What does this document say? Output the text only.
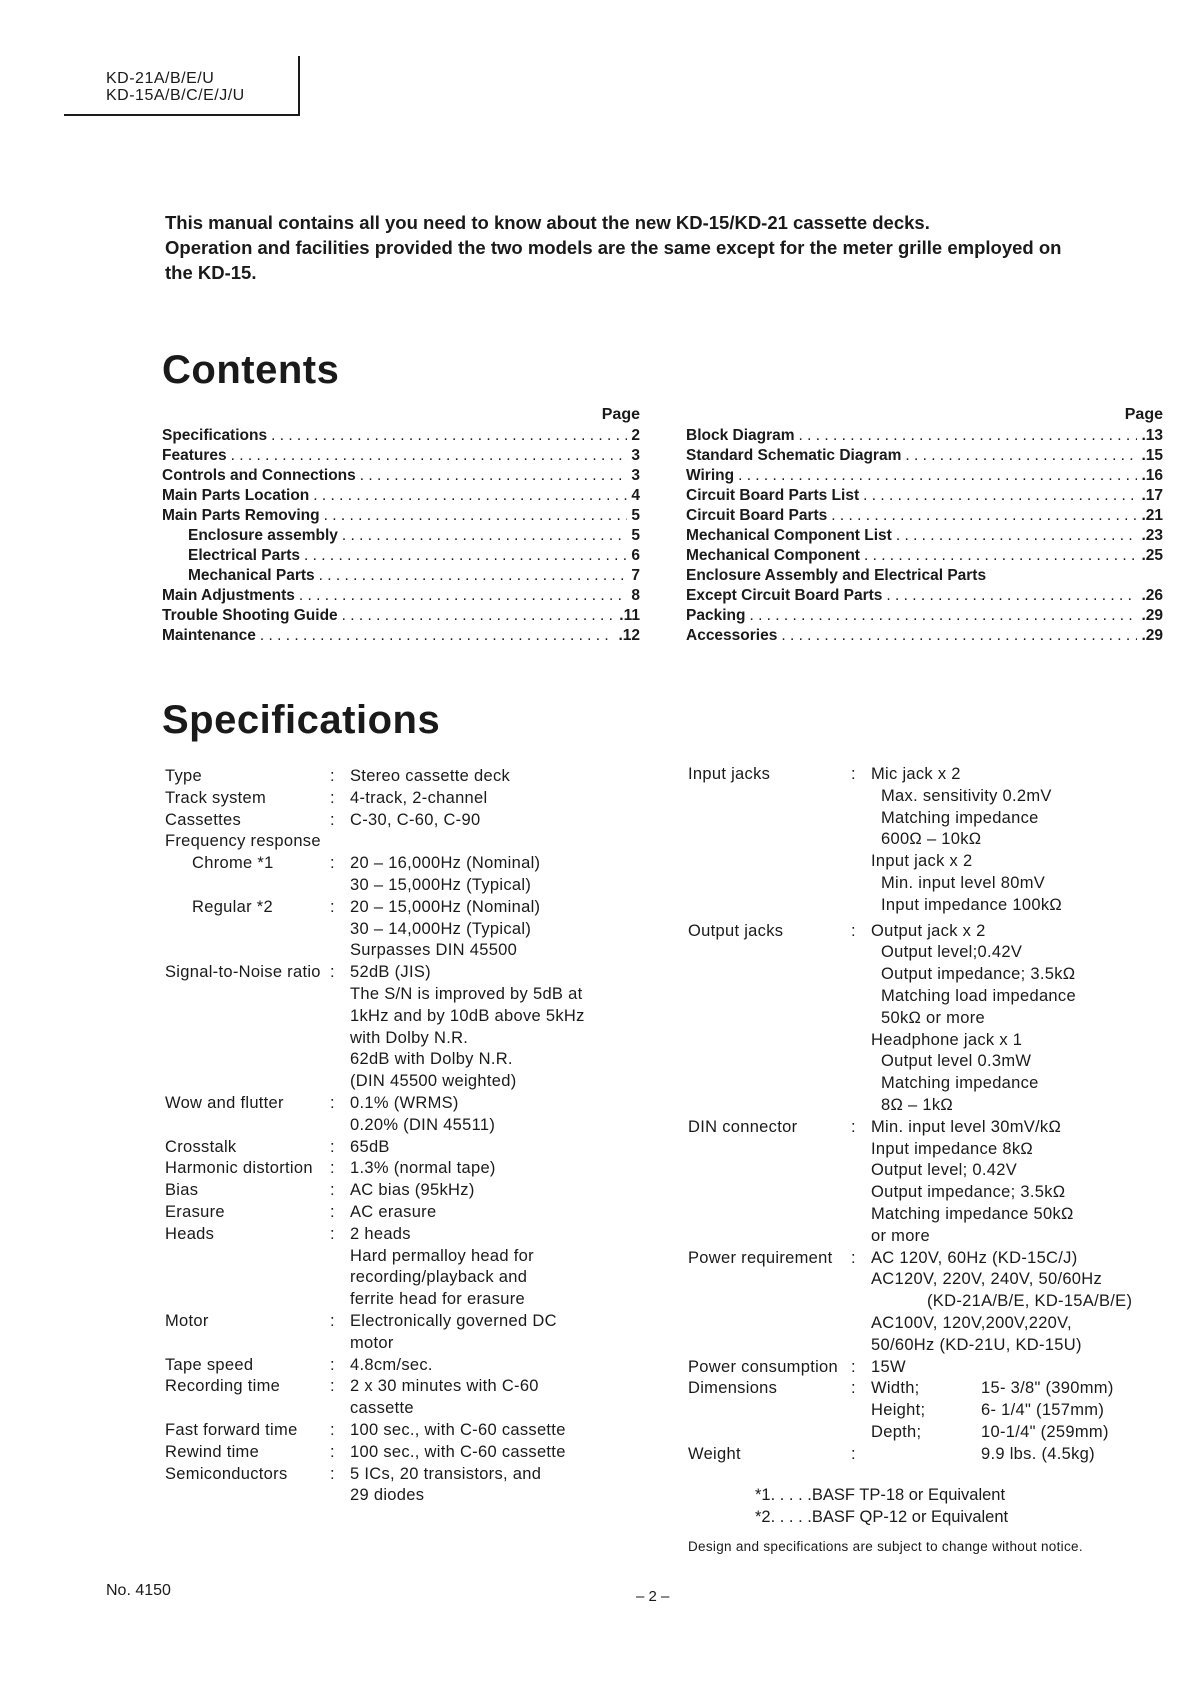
KD-21A/B/E/U
KD-15A/B/C/E/J/U
This manual contains all you need to know about the new KD-15/KD-21 cassette decks.
Operation and facilities provided the two models are the same except for the meter grille employed on
the KD-15.
Contents
Page
Specifications . . .	2
Features . . .	3
Controls and Connections . . .	3
Main Parts Location . . .	4
Main Parts Removing . . .	5
Enclosure assembly . . .	5
Electrical Parts . . .	6
Mechanical Parts . . .	7
Main Adjustments . . .	8
Trouble Shooting Guide . . .	.11
Maintenance . . .	.12
Page
Block Diagram . . .	.13
Standard Schematic Diagram . . .	.15
Wiring . . .	.16
Circuit Board Parts List . . .	.17
Circuit Board Parts . . .	.21
Mechanical Component List . . .	.23
Mechanical Component . . .	.25
Enclosure Assembly and Electrical Parts
Except Circuit Board Parts . . .	.26
Packing . . .	.29
Accessories . . .	.29
Specifications
Type	: Stereo cassette deck
Track system	: 4-track, 2-channel
Cassettes	: C-30, C-60, C-90
Frequency response

Chrome *1	: 20 – 16,000Hz (Nominal)
30 – 15,000Hz (Typical)
Regular *2	: 20 – 15,000Hz (Nominal)
30 – 14,000Hz (Typical)
Surpasses DIN 45500
Signal-to-Noise ratio : 52dB (JIS)
The S/N is improved by 5dB at
1kHz and by 10dB above 5kHz
with Dolby N.R.
62dB with Dolby N.R.
(DIN 45500 weighted)
Wow and flutter	: 0.1% (WRMS)
0.20% (DIN 45511)
Crosstalk	: 65dB
Harmonic distortion	: 1.3% (normal tape)
Bias	: AC bias (95kHz)
Erasure	: AC erasure
Heads	: 2 heads
Hard permalloy head for
recording/playback and
ferrite head for erasure
Motor	: Electronically governed DC
motor
Tape speed	: 4.8cm/sec.
Recording time	: 2 x 30 minutes with C-60
cassette
Fast forward time	: 100 sec., with C-60 cassette
Rewind time	: 100 sec., with C-60 cassette
Semiconductors	: 5 ICs, 20 transistors, and
29 diodes
Input jacks	: Mic jack x 2
Max. sensitivity 0.2mV
Matching impedance
600Ω – 10kΩ
Input jack x 2
Min. input level 80mV
Input impedance 100kΩ
Output jacks	: Output jack x 2
Output level;0.42V
Output impedance; 3.5kΩ
Matching load impedance
50kΩ or more
Headphone jack x 1
Output level 0.3mW
Matching impedance
8Ω – 1kΩ
DIN connector	: Min. input level 30mV/kΩ
Input impedance 8kΩ
Output level; 0.42V
Output impedance; 3.5kΩ
Matching impedance 50kΩ
or more
Power requirement	: AC 120V, 60Hz (KD-15C/J)
AC120V, 220V, 240V, 50/60Hz
(KD-21A/B/E, KD-15A/B/E)
AC100V, 120V,200V,220V,
50/60Hz (KD-21U, KD-15U)
Power consumption : 15W
Dimensions	: Width;	15- 3/8" (390mm)
Height;	6- 1/4" (157mm)
Depth;	10-1/4" (259mm)
Weight	:	9.9 lbs. (4.5kg)
*1. . . . .BASF TP-18 or Equivalent
*2. . . . .BASF QP-12 or Equivalent
Design and specifications are subject to change without notice.
No. 4150	– 2 –
